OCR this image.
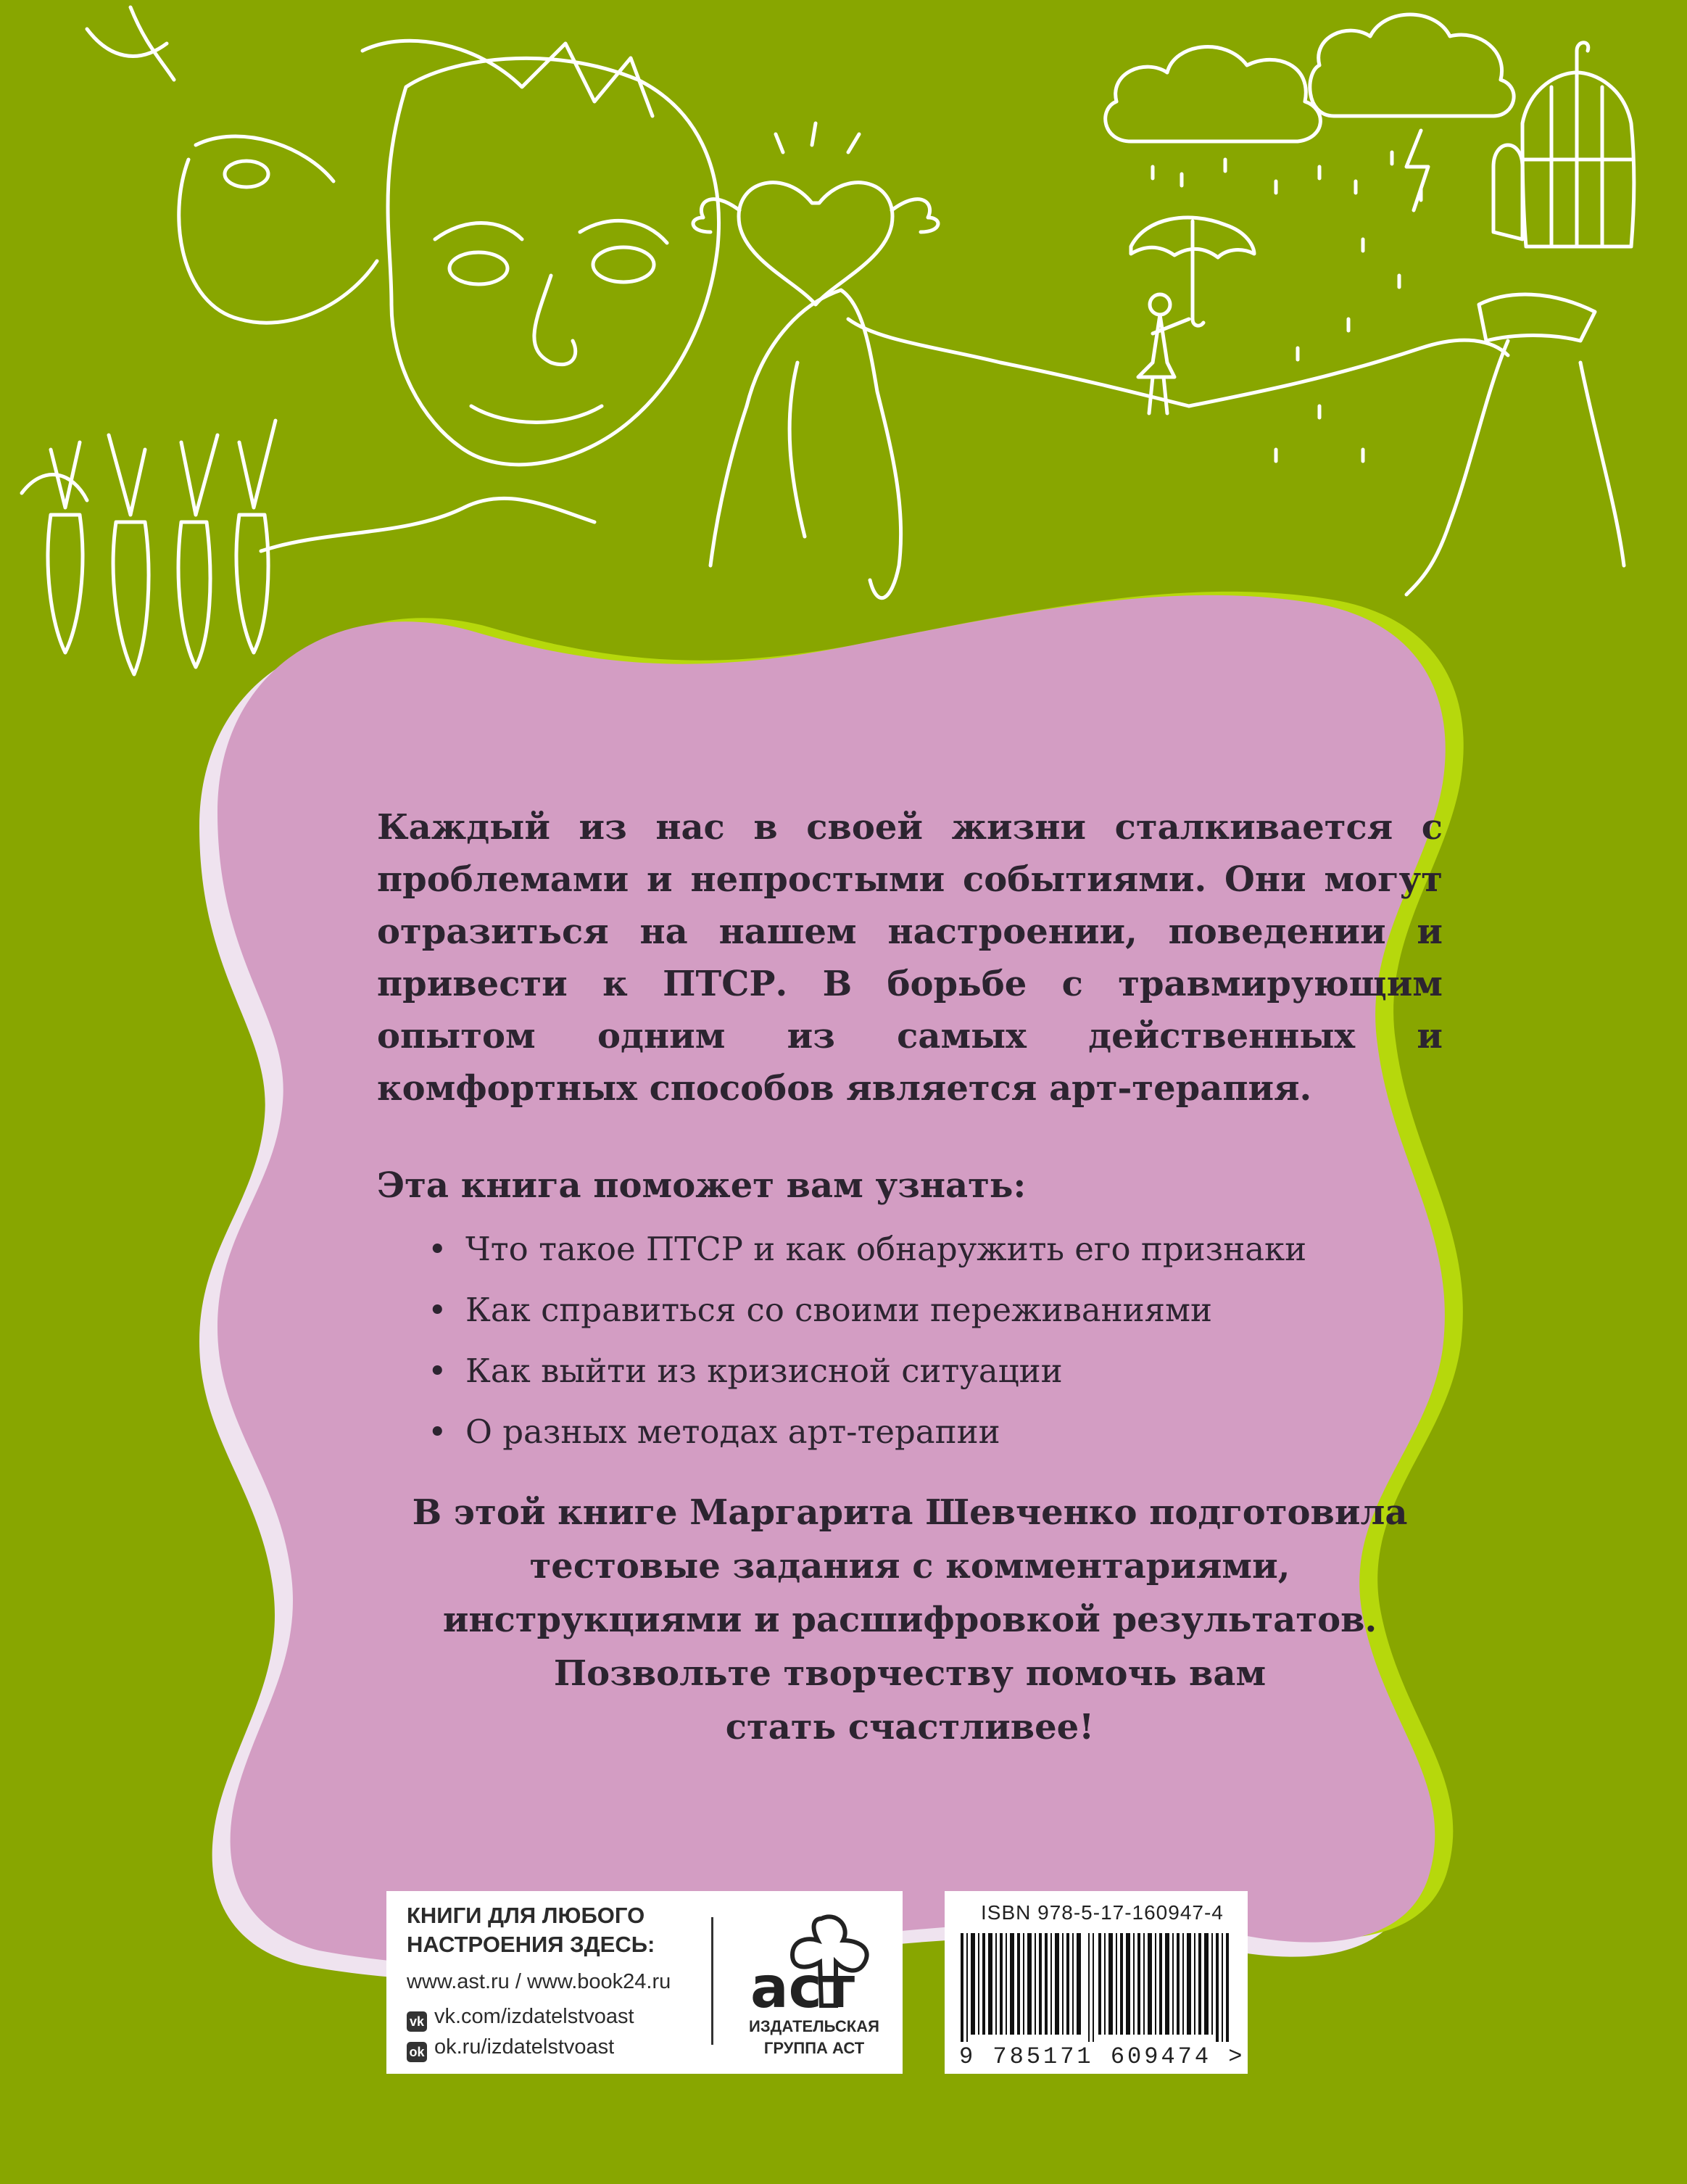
Каждый из нас в своей жизни сталкивается с проблемами и непростыми событиями. Они могут отразиться на нашем настроении, поведении и привести к ПТСР. В борьбе с травмирующим опытом одним из самых действенных и комфортных способов является арт-терапия.

Эта книга поможет вам узнать:

• Что такое ПТСР и как обнаружить его признаки
• Как справиться со своими переживаниями
• Как выйти из кризисной ситуации
• О разных методах арт-терапии
В этой книге Маргарита Шевченко подготовила
тестовые задания с комментариями,
инструкциями и расшифровкой результатов.
Позвольте творчеству помочь вам
стать счастливее!
КНИГИ ДЛЯ ЛЮБОГО
НАСТРОЕНИЯ ЗДЕСЬ:
www.ast.ru / www.book24.ru
vk vk.com/izdatelstvoast
ok ok.ru/izdatelstvoast
аст
ИЗДАТЕЛЬСКАЯ
ГРУППА АСТ
ISBN 978-5-17-160947-4
9 785171 609474 >
